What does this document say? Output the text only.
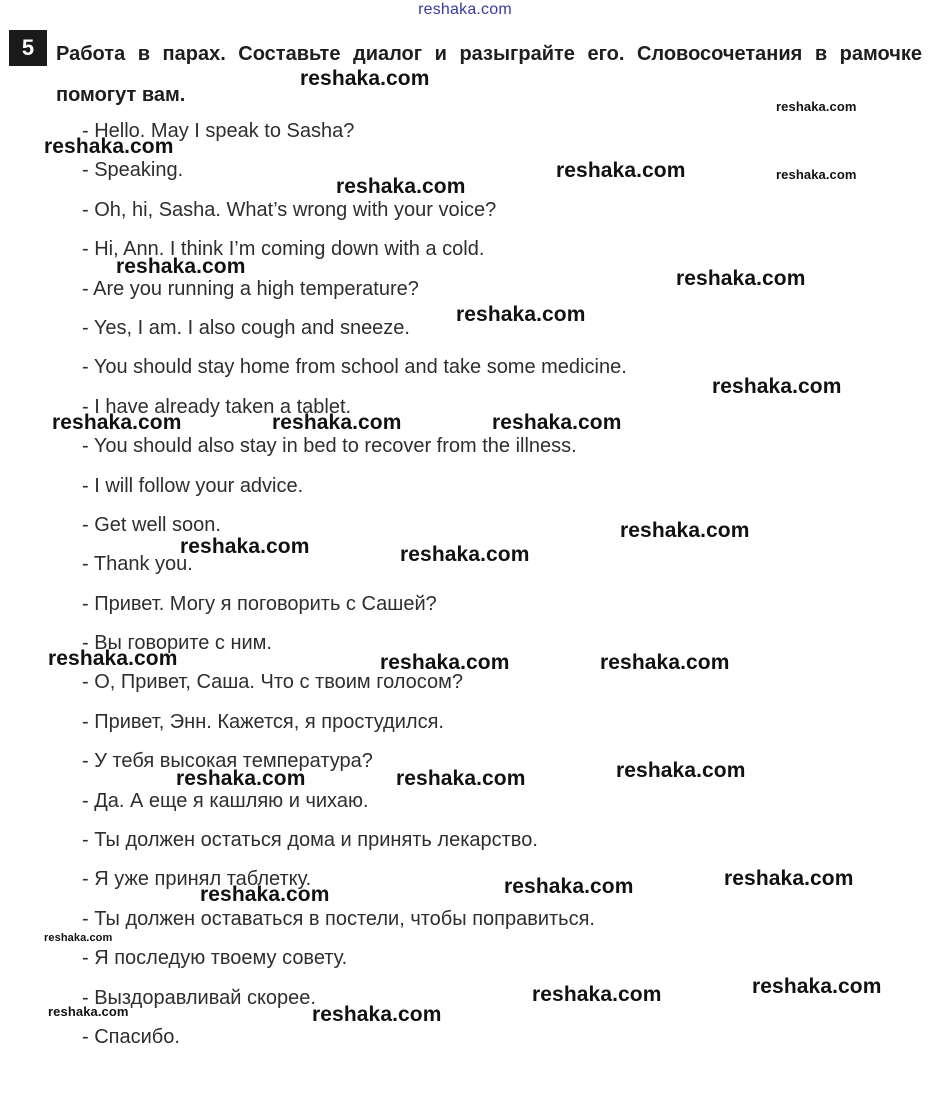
reshaka.com
5	Работа в парах. Составьте диалог и разыграйте его. Словосочетания в рамочке помогут вам.
- Hello. May I speak to Sasha?
- Speaking.
- Oh, hi, Sasha. What’s wrong with your voice?
- Hi, Ann. I think I’m coming down with a cold.
- Are you running a high temperature?
- Yes, I am. I also cough and sneeze.
- You should stay home from school and take some medicine.
- I have already taken a tablet.
- You should also stay in bed to recover from the illness.
- I will follow your advice.
- Get well soon.
- Thank you.
- Привет. Могу я поговорить с Сашей?
- Вы говорите с ним.
- О, Привет, Саша. Что с твоим голосом?
- Привет, Энн. Кажется, я простудился.
- У тебя высокая температура?
- Да. А еще я кашляю и чихаю.
- Ты должен остаться дома и принять лекарство.
- Я уже принял таблетку.
- Ты должен оставаться в постели, чтобы поправиться.
- Я последую твоему совету.
- Выздоравливай скорее.
- Спасибо.
reshaka.com
reshaka.com
reshaka.com
reshaka.com	reshaka.com
reshaka.com
reshaka.com
reshaka.com
reshaka.com
reshaka.com
reshaka.com	reshaka.com	reshaka.com
reshaka.com
reshaka.com	reshaka.com
reshaka.com	reshaka.com	reshaka.com
reshaka.com
reshaka.com	reshaka.com
reshaka.com
reshaka.com
reshaka.com
reshaka.com
reshaka.com
reshaka.com
reshaka.com	reshaka.com
